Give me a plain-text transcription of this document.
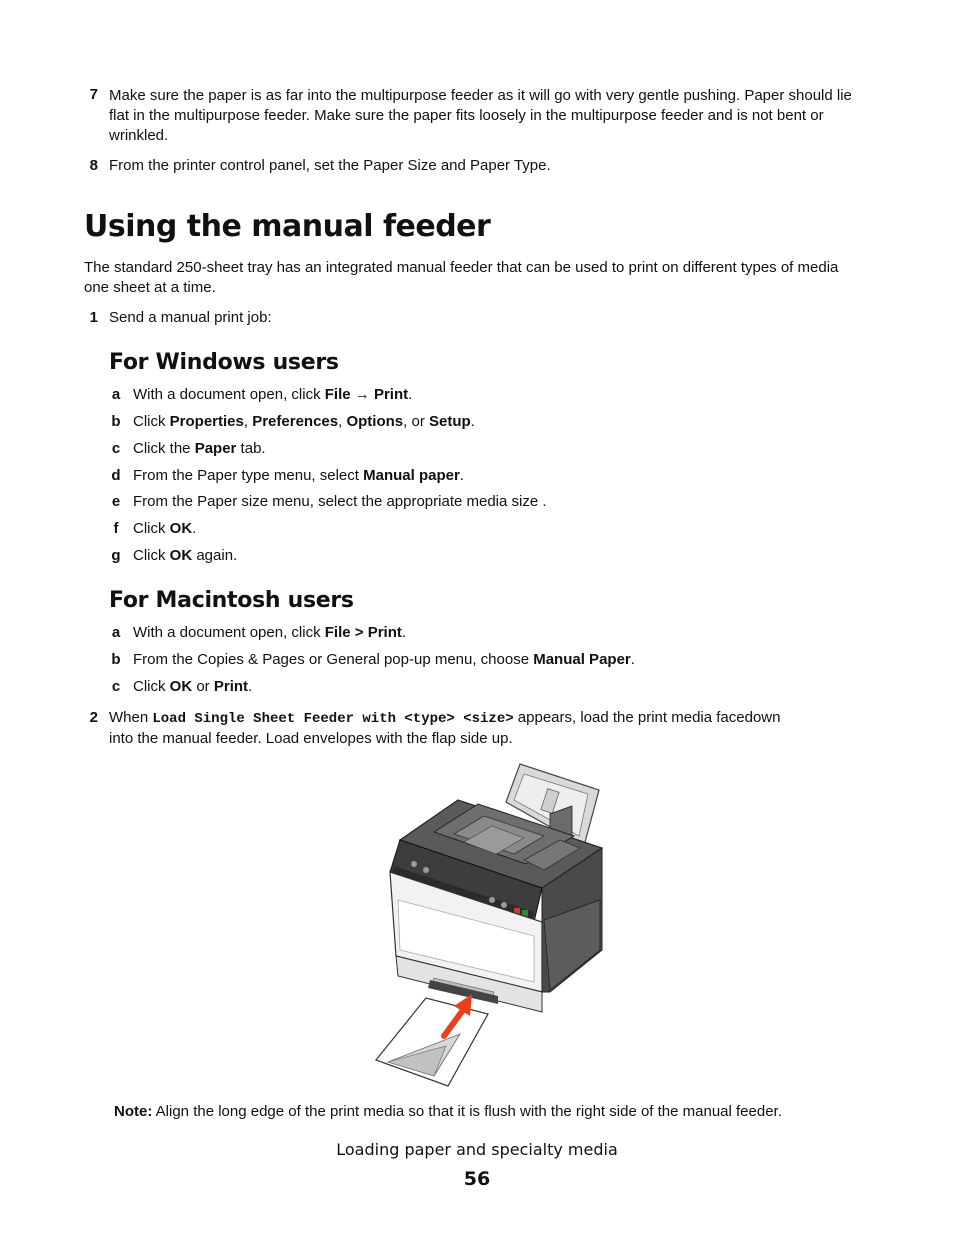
7 Make sure the paper is as far into the multipurpose feeder as it will go with very gentle pushing. Paper should lie
flat in the multipurpose feeder. Make sure the paper fits loosely in the multipurpose feeder and is not bent or
wrinkled.
8 From the printer control panel, set the Paper Size and Paper Type.
Using the manual feeder
The standard 250-sheet tray has an integrated manual feeder that can be used to print on different types of media
one sheet at a time.
1 Send a manual print job:
For Windows users
a With a document open, click File → Print.
b Click Properties, Preferences, Options, or Setup.
c Click the Paper tab.
d From the Paper type menu, select Manual paper.
e From the Paper size menu, select the appropriate media size .
f Click OK.
g Click OK again.
For Macintosh users
a With a document open, click File > Print.
b From the Copies & Pages or General pop-up menu, choose Manual Paper.
c Click OK or Print.
2 When Load Single Sheet Feeder with <type> <size> appears, load the print media facedown
into the manual feeder. Load envelopes with the flap side up.
Note: Align the long edge of the print media so that it is flush with the right side of the manual feeder.
Loading paper and specialty media
56
